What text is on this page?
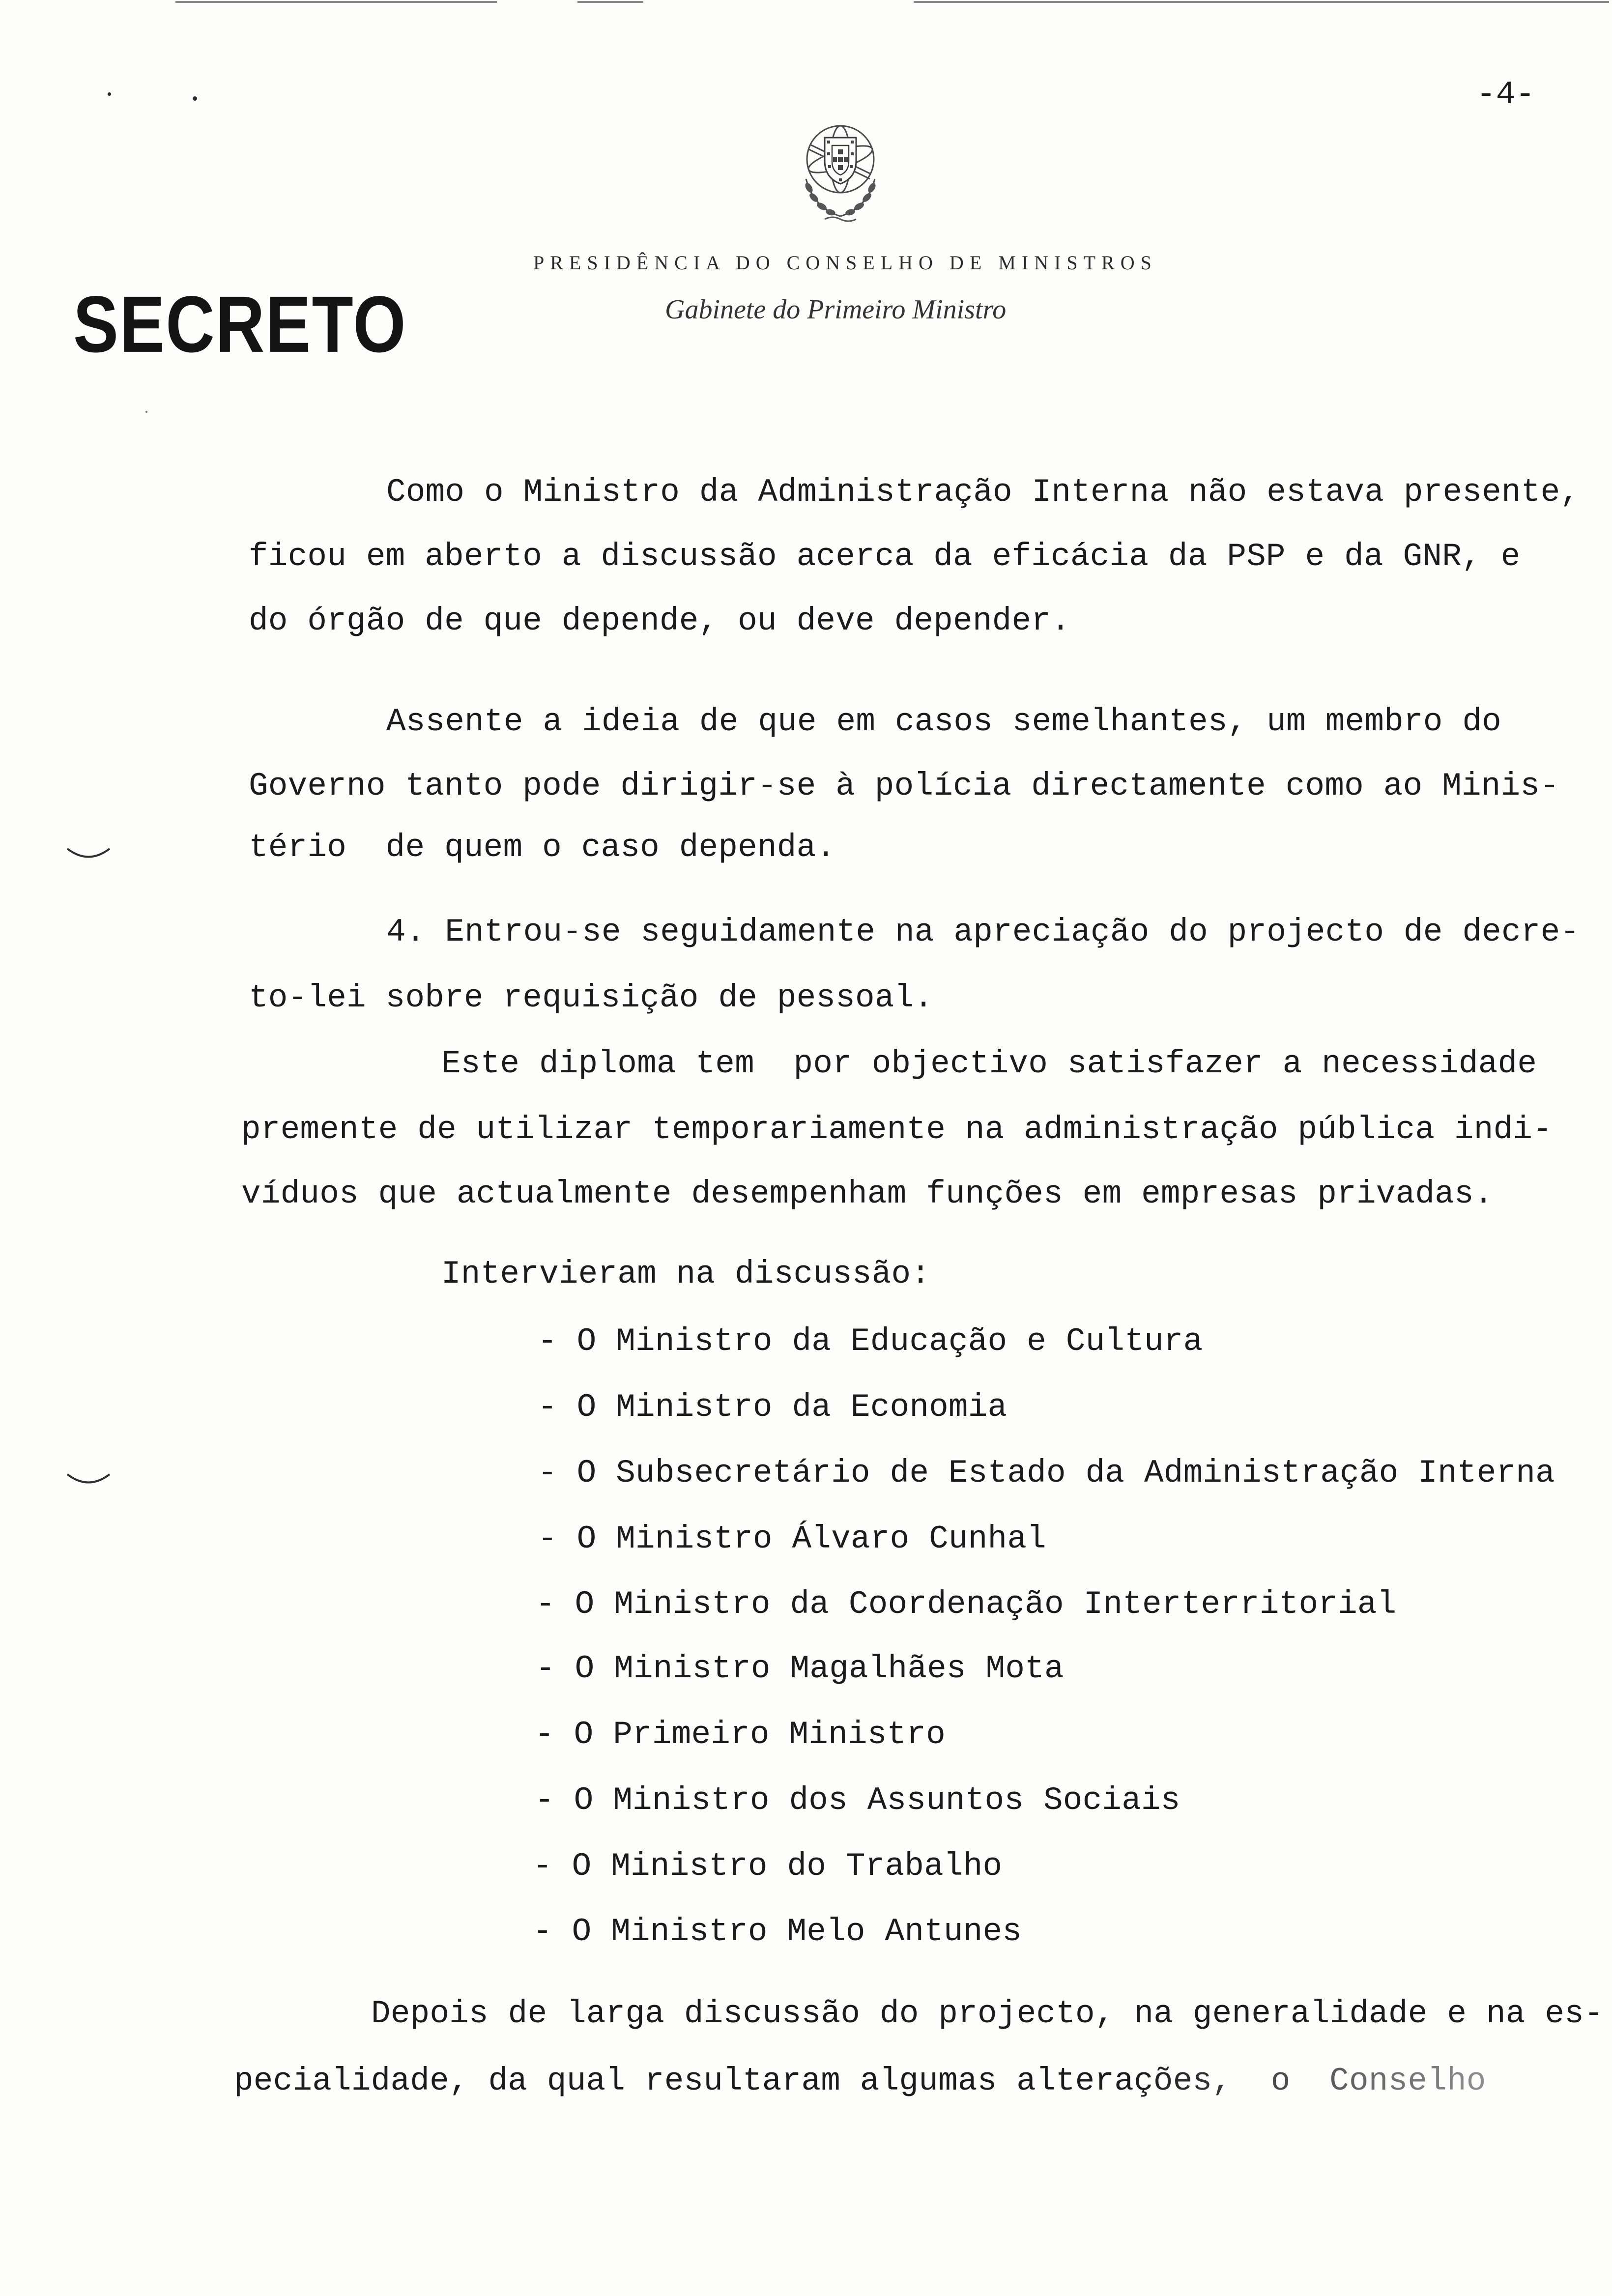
-4-
PRESIDÊNCIA DO CONSELHO DE MINISTROS
Gabinete do Primeiro Ministro
SECRETO
Como o Ministro da Administração Interna não estava presente,
ficou em aberto a discussão acerca da eficácia da PSP e da GNR, e
do órgão de que depende, ou deve depender.
Assente a ideia de que em casos semelhantes, um membro do
Governo tanto pode dirigir-se à polícia directamente como ao Minis-
tério  de quem o caso dependa.
4. Entrou-se seguidamente na apreciação do projecto de decre-
to-lei sobre requisição de pessoal.
Este diploma tem  por objectivo satisfazer a necessidade
premente de utilizar temporariamente na administração pública indi-
víduos que actualmente desempenham funções em empresas privadas.
Intervieram na discussão:
- O Ministro da Educação e Cultura
- O Ministro da Economia
- O Subsecretário de Estado da Administração Interna
- O Ministro Álvaro Cunhal
- O Ministro da Coordenação Interterritorial
- O Ministro Magalhães Mota
- O Primeiro Ministro
- O Ministro dos Assuntos Sociais
- O Ministro do Trabalho
- O Ministro Melo Antunes
Depois de larga discussão do projecto, na generalidade e na es-
pecialidade, da qual resultaram algumas alterações,  o  Conselho
